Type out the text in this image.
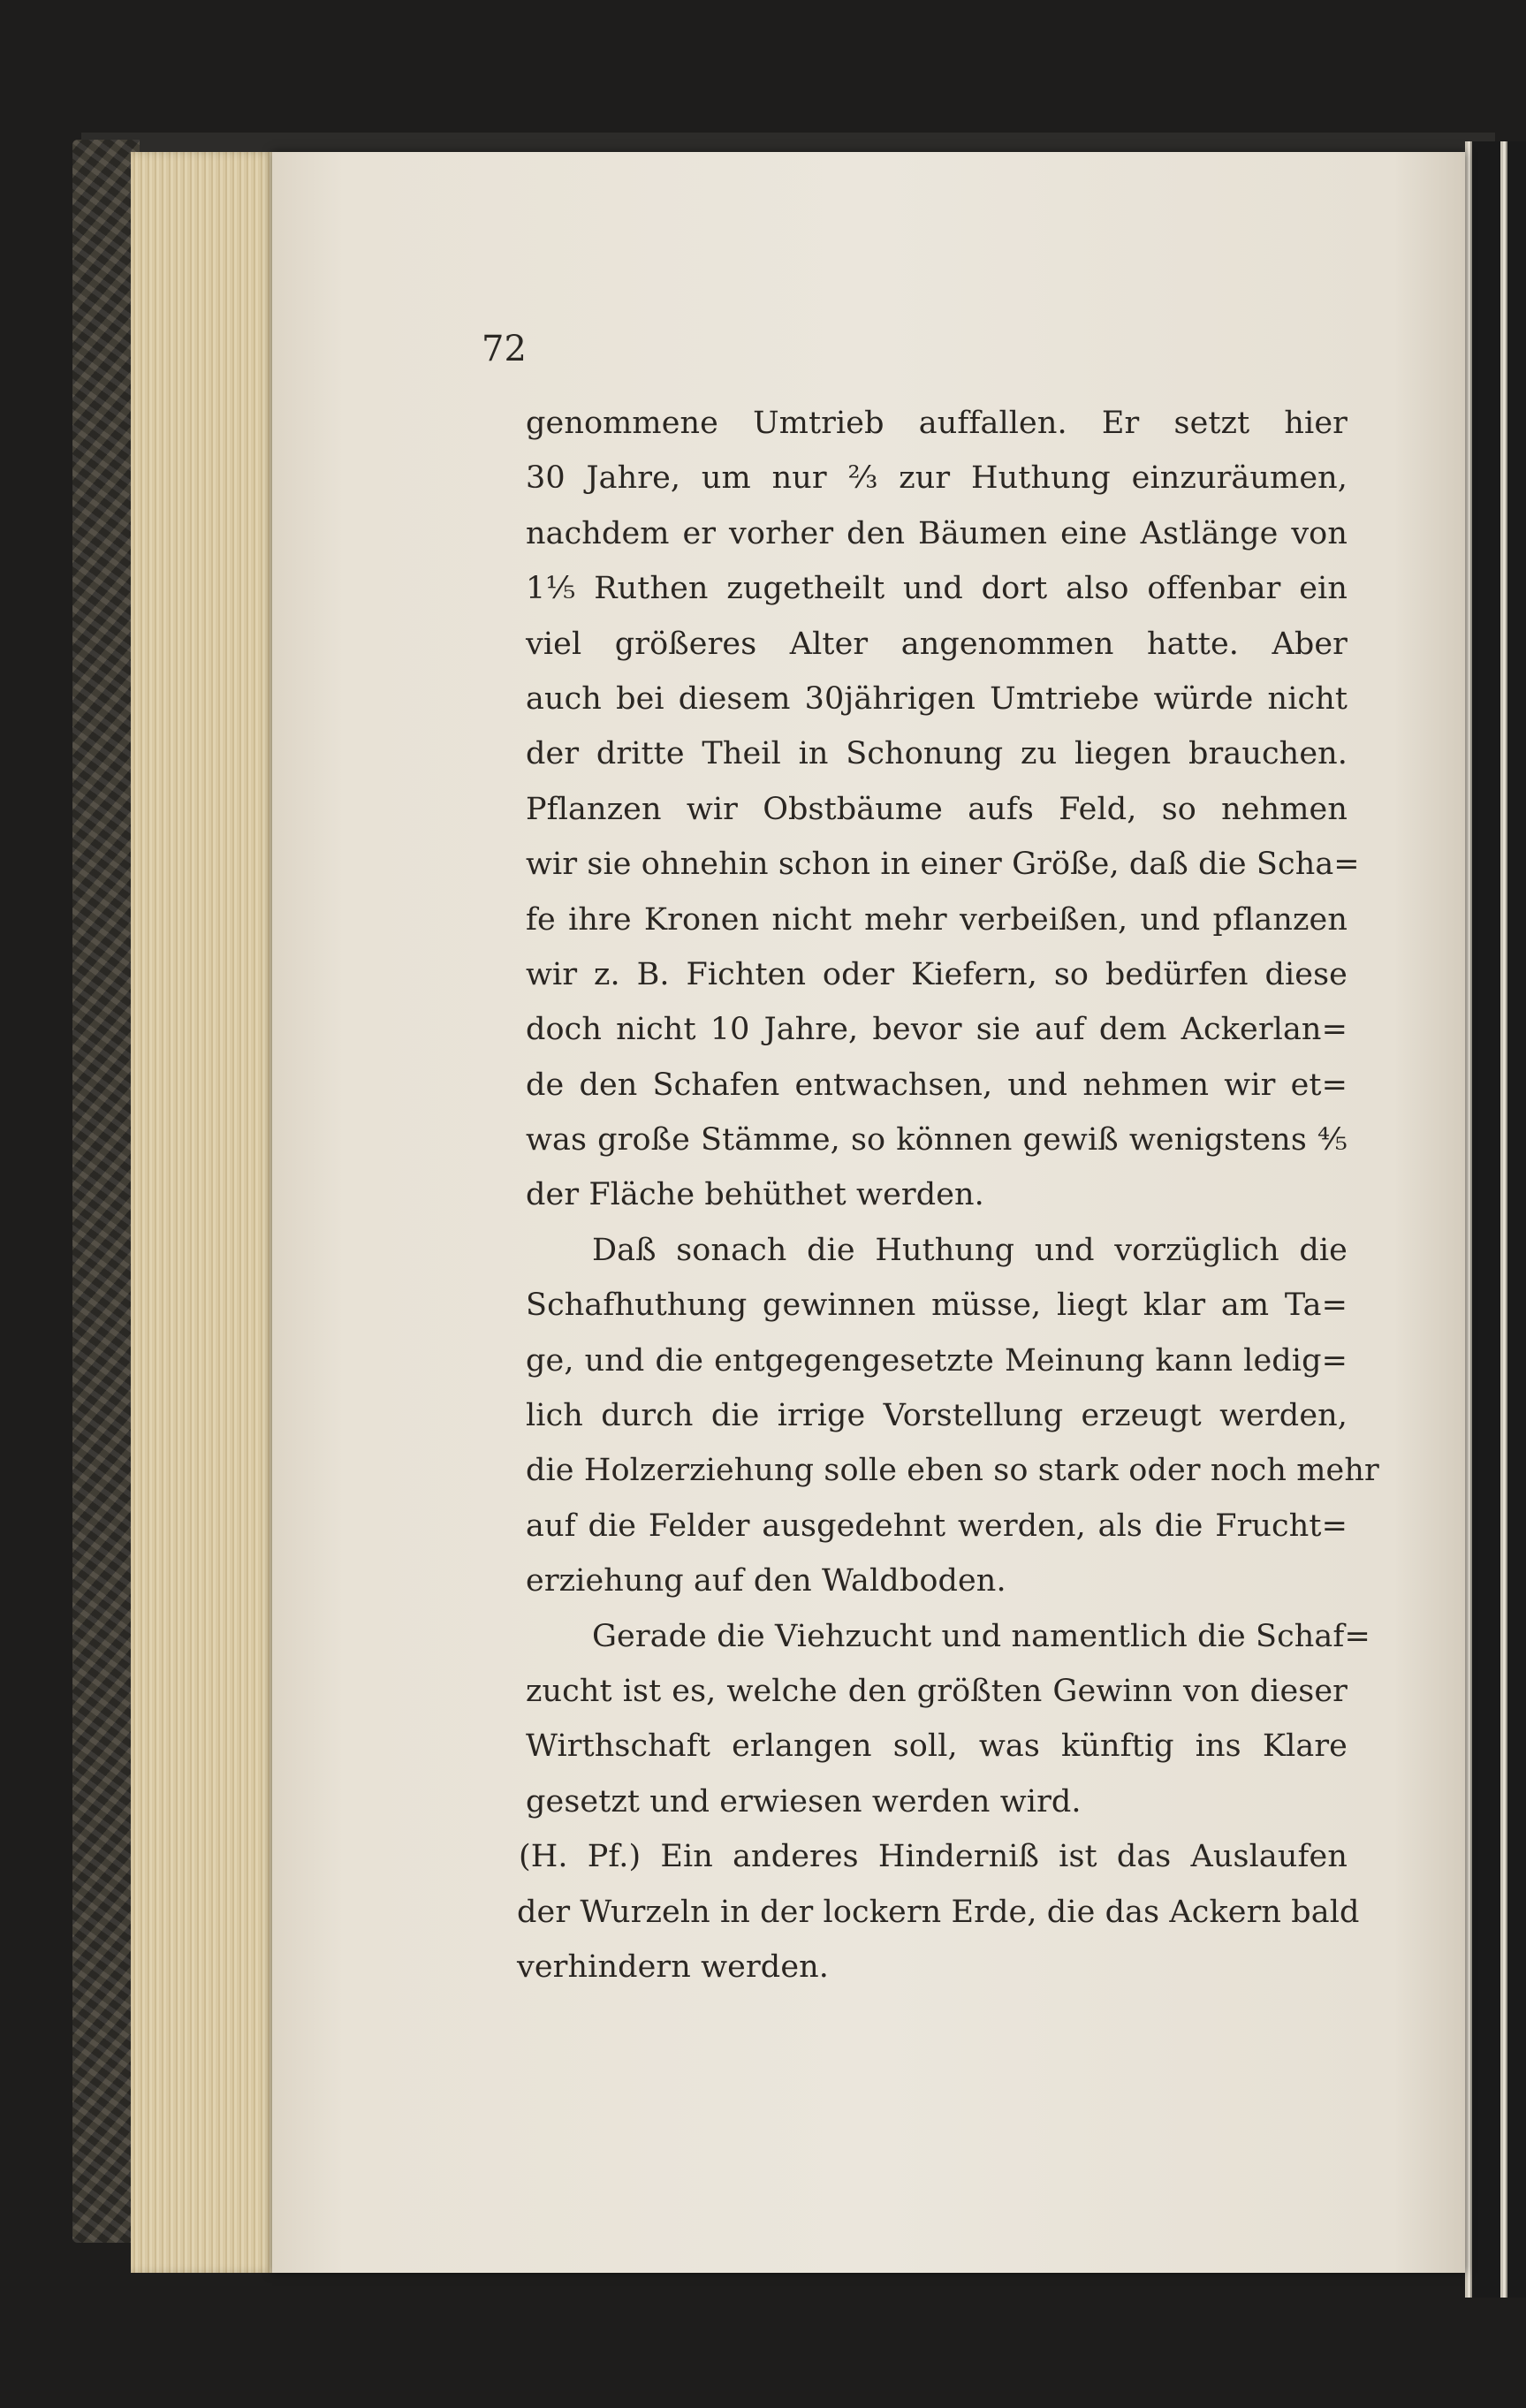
72

genommene Umtrieb auffallen. Er setzt hier
30 Jahre, um nur ⅔ zur Huthung einzuräumen,
nachdem er vorher den Bäumen eine Astlänge von
1⅕ Ruthen zugetheilt und dort also offenbar ein
viel größeres Alter angenommen hatte. Aber
auch bei diesem 30jährigen Umtriebe würde nicht
der dritte Theil in Schonung zu liegen brauchen.
Pflanzen wir Obstbäume aufs Feld, so nehmen
wir sie ohnehin schon in einer Größe, daß die Scha=
fe ihre Kronen nicht mehr verbeißen, und pflanzen
wir z. B. Fichten oder Kiefern, so bedürfen diese
doch nicht 10 Jahre, bevor sie auf dem Ackerlan=
de den Schafen entwachsen, und nehmen wir et=
was große Stämme, so können gewiß wenigstens ⅘
der Fläche behüthet werden.
Daß sonach die Huthung und vorzüglich die
Schafhuthung gewinnen müsse, liegt klar am Ta=
ge, und die entgegengesetzte Meinung kann ledig=
lich durch die irrige Vorstellung erzeugt werden,
die Holzerziehung solle eben so stark oder noch mehr
auf die Felder ausgedehnt werden, als die Frucht=
erziehung auf den Waldboden.
Gerade die Viehzucht und namentlich die Schaf=
zucht ist es, welche den größten Gewinn von dieser
Wirthschaft erlangen soll, was künftig ins Klare
gesetzt und erwiesen werden wird.
(H. Pf.) Ein anderes Hinderniß ist das Auslaufen
der Wurzeln in der lockern Erde, die das Ackern bald
verhindern werden.
